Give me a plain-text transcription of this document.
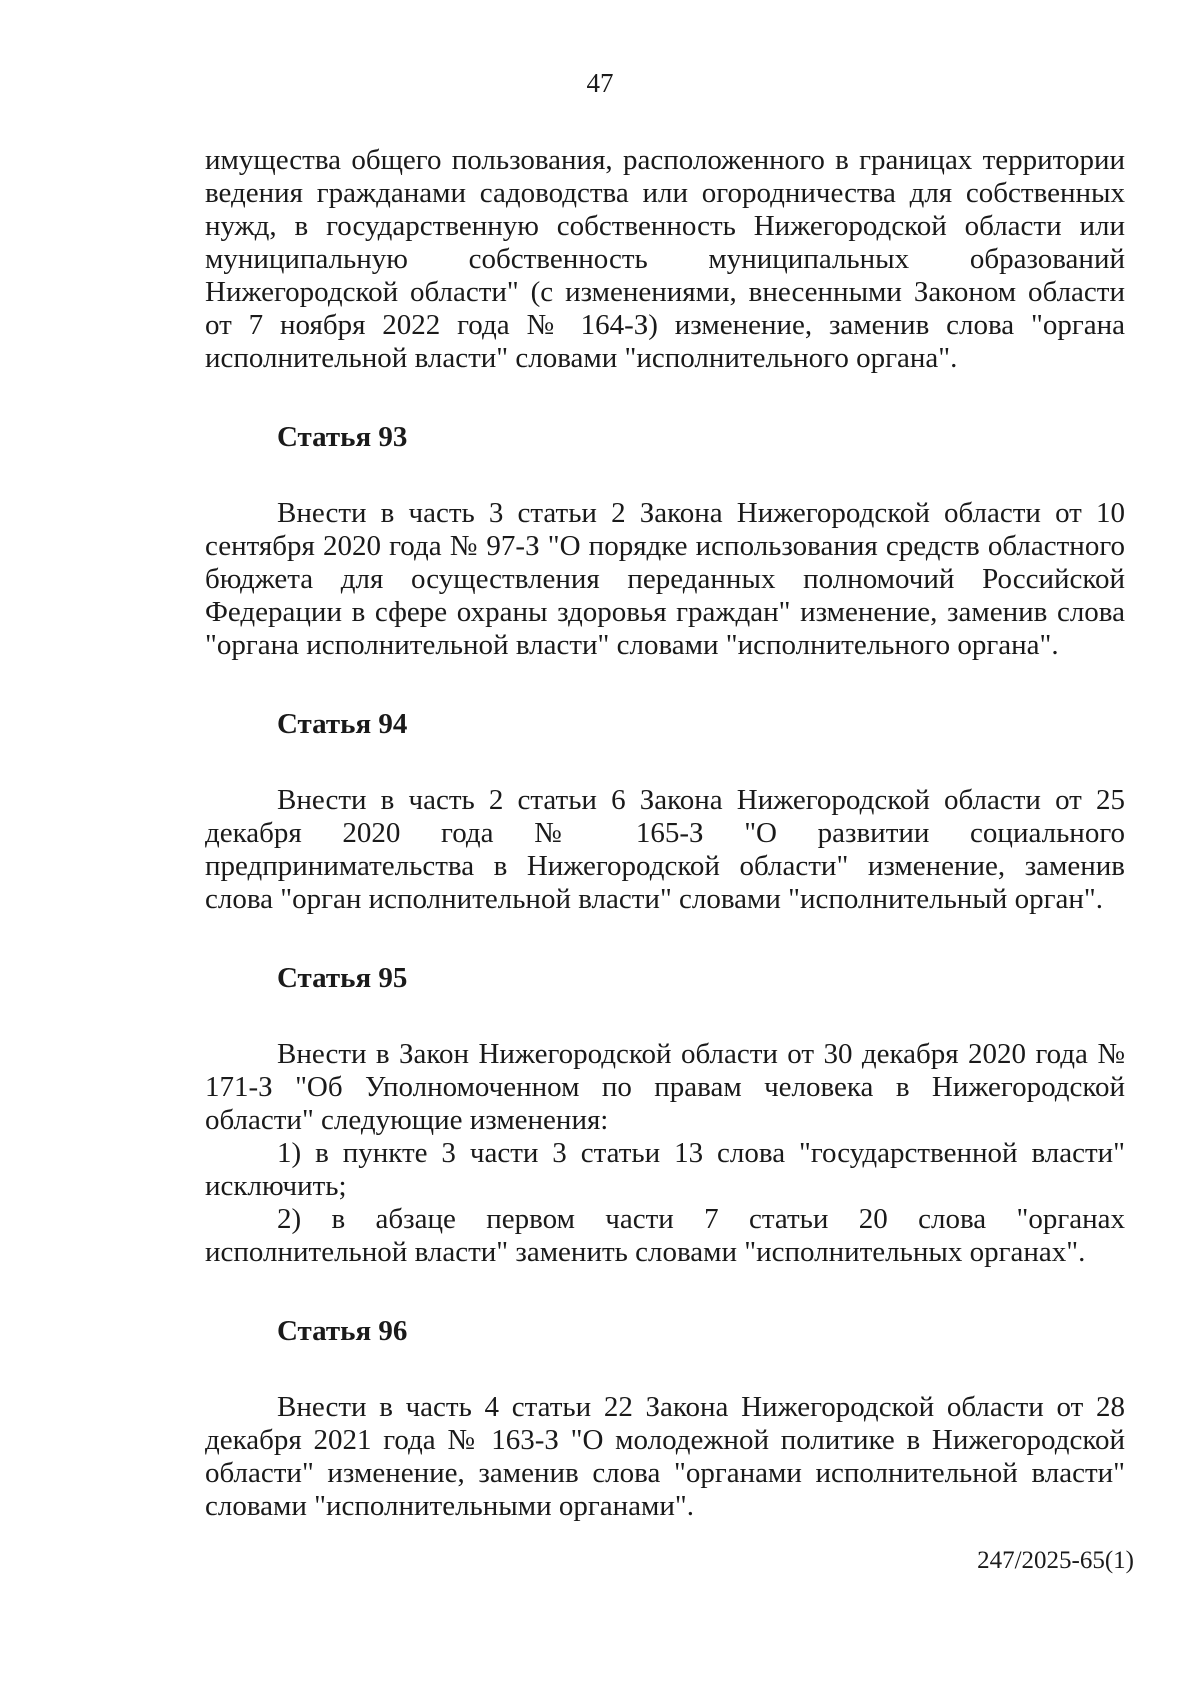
47

имущества общего пользования, расположенного в границах территории ведения гражданами садоводства или огородничества для собственных нужд, в государственную собственность Нижегородской области или муниципальную собственность муниципальных образований Нижегородской области" (с изменениями, внесенными Законом области от 7 ноября 2022 года № 164-З) изменение, заменив слова "органа исполнительной власти" словами "исполнительного органа".

Статья 93

Внести в часть 3 статьи 2 Закона Нижегородской области от 10 сентября 2020 года № 97-З "О порядке использования средств областного бюджета для осуществления переданных полномочий Российской Федерации в сфере охраны здоровья граждан" изменение, заменив слова "органа исполнительной власти" словами "исполнительного органа".

Статья 94

Внести в часть 2 статьи 6 Закона Нижегородской области от 25 декабря 2020 года № 165-З "О развитии социального предпринимательства в Нижегородской области" изменение, заменив слова "орган исполнительной власти" словами "исполнительный орган".

Статья 95

Внести в Закон Нижегородской области от 30 декабря 2020 года № 171-З "Об Уполномоченном по правам человека в Нижегородской области" следующие изменения:

1) в пункте 3 части 3 статьи 13 слова "государственной власти" исключить;

2) в абзаце первом части 7 статьи 20 слова "органах исполнительной власти" заменить словами "исполнительных органах".

Статья 96

Внести в часть 4 статьи 22 Закона Нижегородской области от 28 декабря 2021 года № 163-З "О молодежной политике в Нижегородской области" изменение, заменив слова "органами исполнительной власти" словами "исполнительными органами".

247/2025-65(1)
